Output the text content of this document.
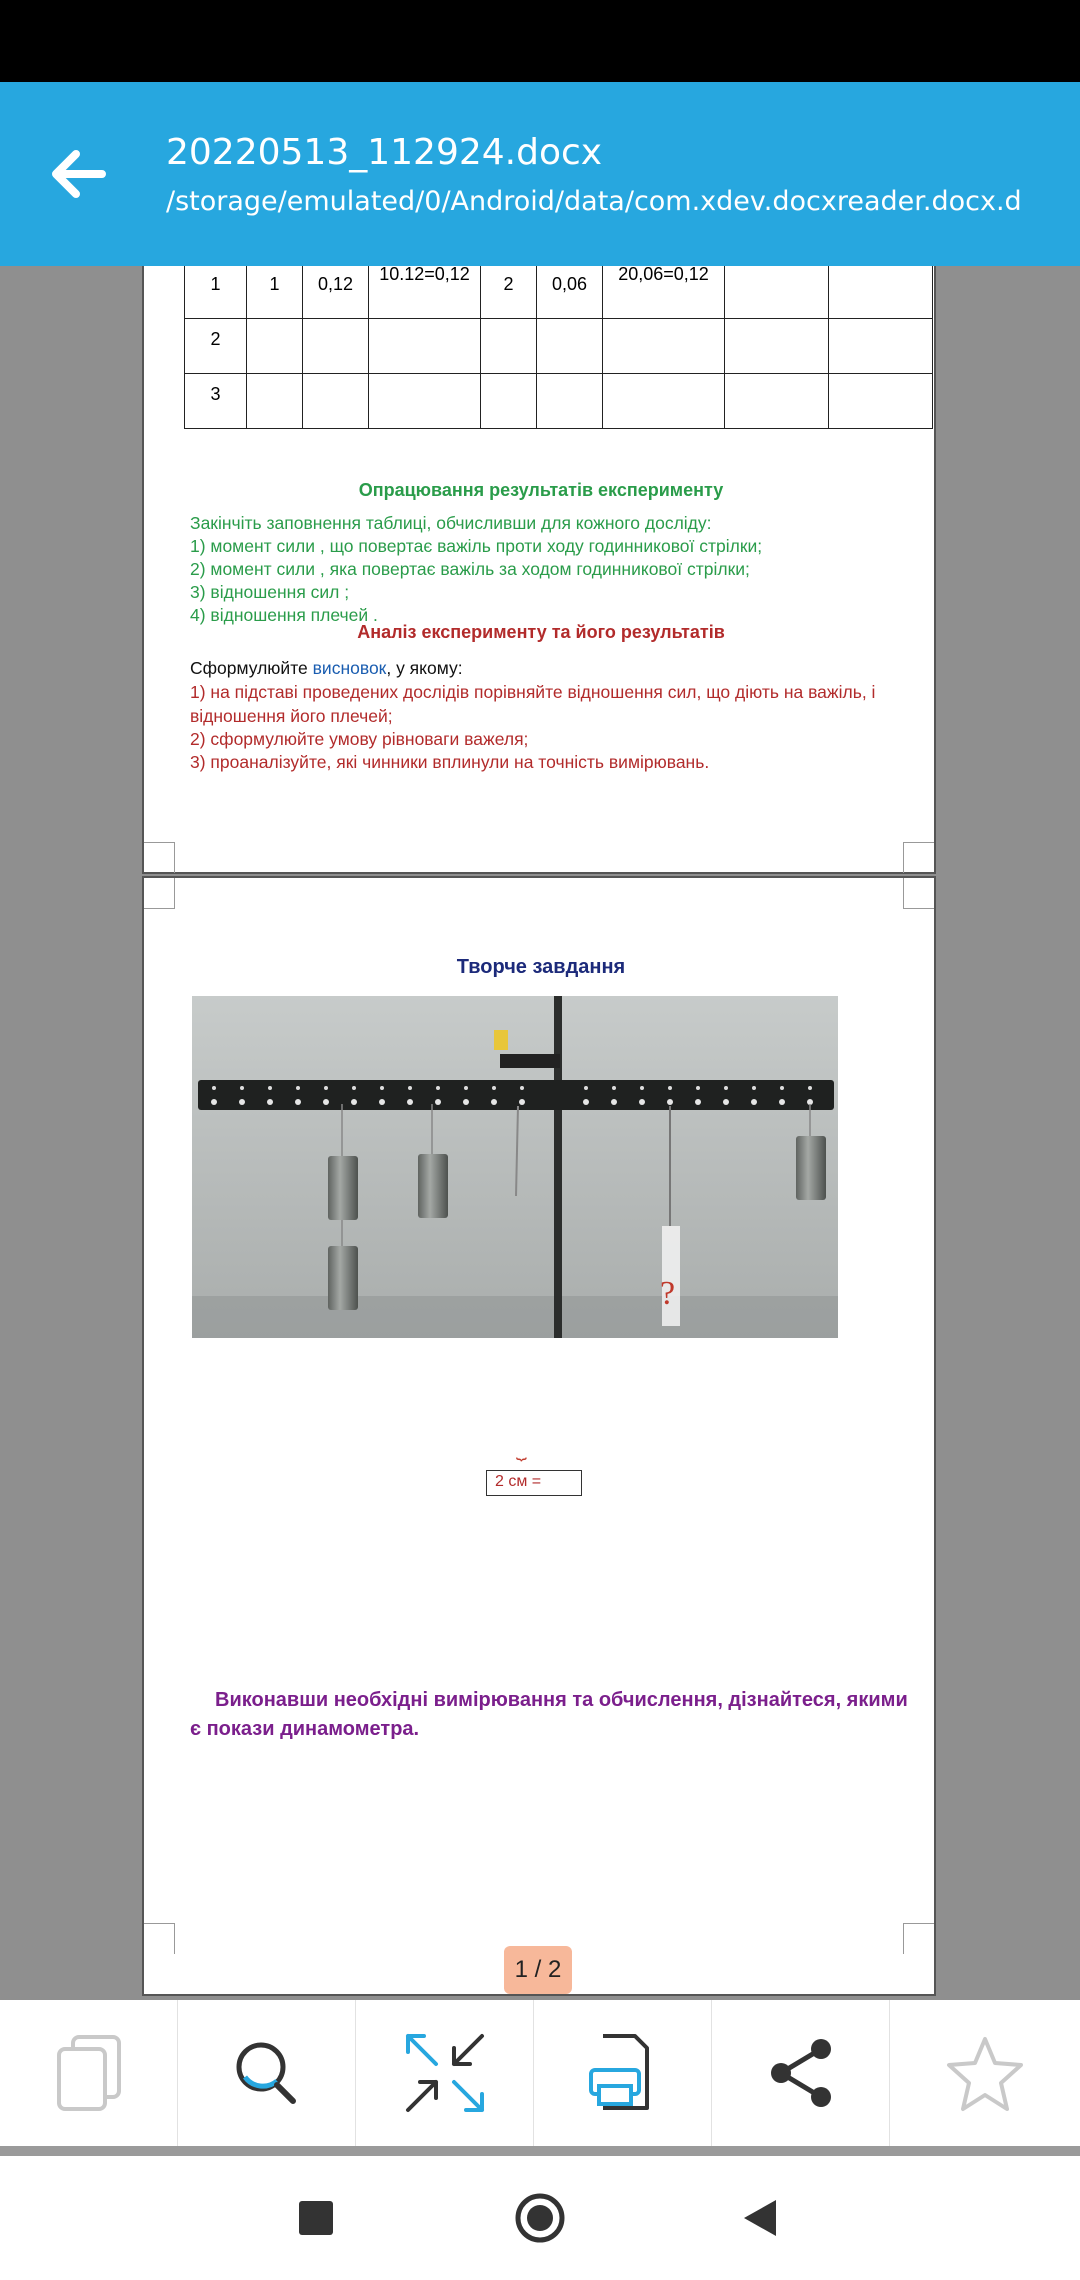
20220513_112924.docx
/storage/emulated/0/Android/data/com.xdev.docxreader.docx.d

1	1	0,12	10.12=0,12	2	0,06	20,06=0,12		
2								
3								
Опрацювання результатів експерименту
Закінчіть заповнення таблиці, обчисливши для кожного досліду:
1) момент сили , що повертає важіль проти ходу годинникової стрілки;
2) момент сили , яка повертає важіль за ходом годинникової стрілки;
3) відношення сил ;
4) відношення плечей .
Аналіз експерименту та його результатів
Сформулюйте висновок, у якому:
1) на підставі проведених дослідів порівняйте відношення сил, що діють на важіль, і відношення його плечей;
2) сформулюйте умову рівноваги важеля;
3) проаналізуйте, які чинники вплинули на точність вимірювань.
Творче завдання
?
⏟
2 см =
Виконавши необхідні вимірювання та обчислення, дізнайтеся, якими є покази динамометра.
1 / 2
